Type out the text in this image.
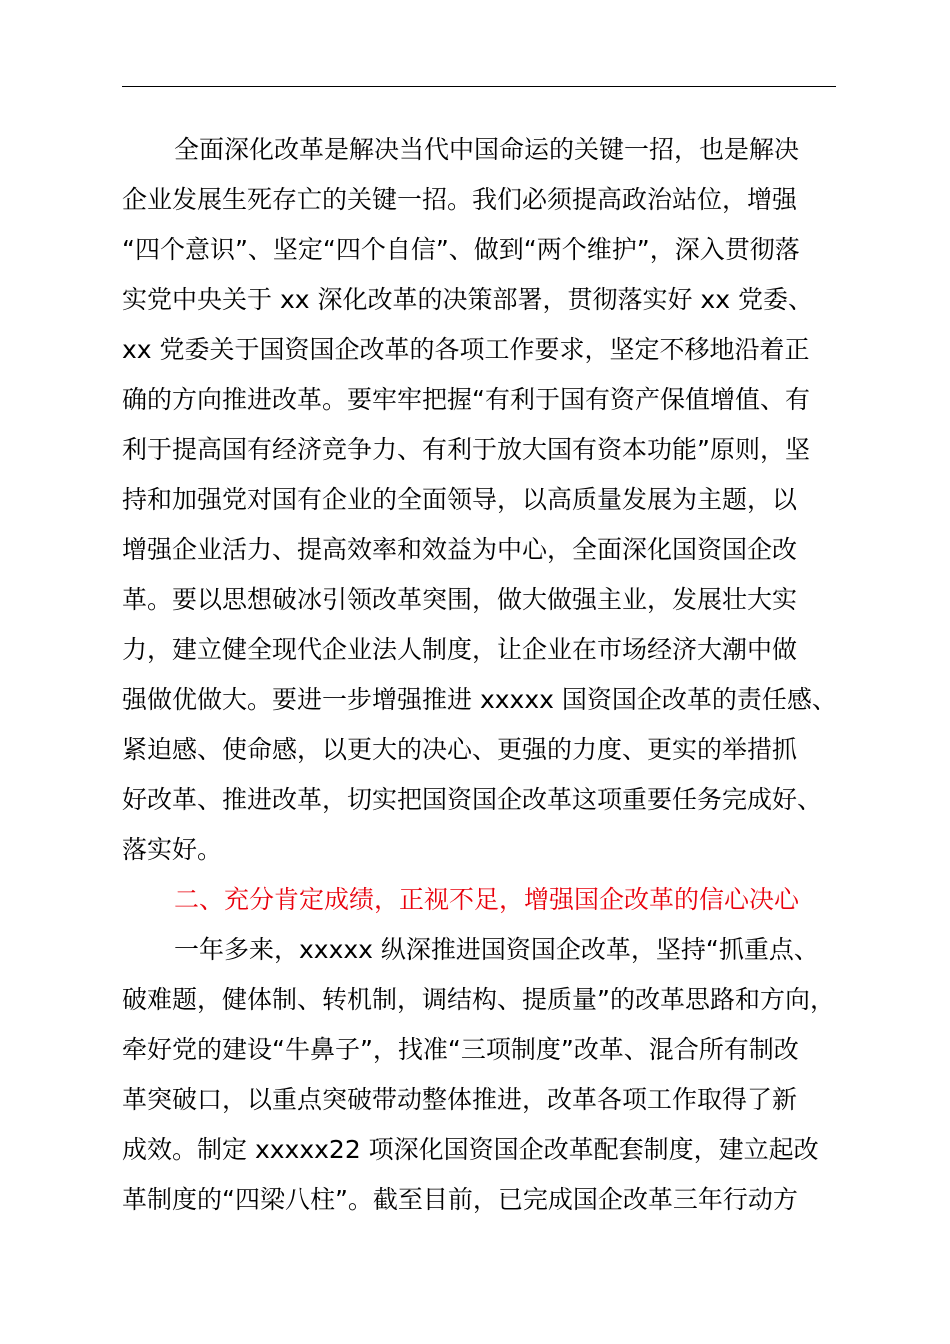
全面深化改革是解决当代中国命运的关键一招，也是解决
企业发展生死存亡的关键一招。我们必须提高政治站位，增强
“四个意识”、坚定“四个自信”、做到“两个维护”，深入贯彻落
实党中央关于 xx 深化改革的决策部署，贯彻落实好 xx 党委、
xx 党委关于国资国企改革的各项工作要求，坚定不移地沿着正
确的方向推进改革。要牢牢把握“有利于国有资产保值增值、有
利于提高国有经济竞争力、有利于放大国有资本功能”原则，坚
持和加强党对国有企业的全面领导，以高质量发展为主题，以
增强企业活力、提高效率和效益为中心，全面深化国资国企改
革。要以思想破冰引领改革突围，做大做强主业，发展壮大实
力，建立健全现代企业法人制度，让企业在市场经济大潮中做
强做优做大。要进一步增强推进 xxxxx 国资国企改革的责任感、
紧迫感、使命感，以更大的决心、更强的力度、更实的举措抓
好改革、推进改革，切实把国资国企改革这项重要任务完成好、
落实好。
二、充分肯定成绩，正视不足，增强国企改革的信心决心
一年多来，xxxxx 纵深推进国资国企改革，坚持“抓重点、
破难题，健体制、转机制，调结构、提质量”的改革思路和方向，
牵好党的建设“牛鼻子”，找准“三项制度”改革、混合所有制改
革突破口，以重点突破带动整体推进，改革各项工作取得了新
成效。制定 xxxxx22 项深化国资国企改革配套制度，建立起改
革制度的“四梁八柱”。截至目前，已完成国企改革三年行动方
